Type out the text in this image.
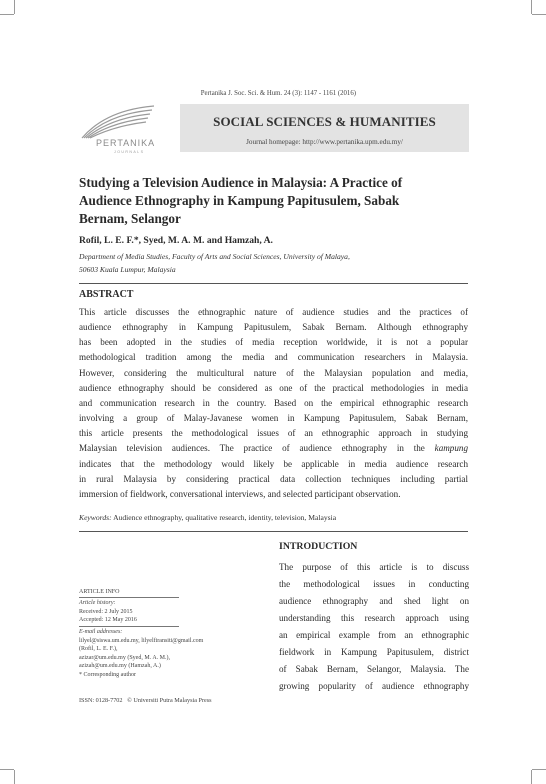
Pertanika J. Soc. Sci. & Hum. 24 (3): 1147 - 1161 (2016)
PERTANIKA
JOURNALS
SOCIAL SCIENCES & HUMANITIES
Journal homepage: http://www.pertanika.upm.edu.my/
Studying a Television Audience in Malaysia: A Practice of
Audience Ethnography in Kampung Papitusulem, Sabak
Bernam, Selangor
Rofil, L. E. F.*, Syed, M. A. M. and Hamzah, A.
Department of Media Studies, Faculty of Arts and Social Sciences, University of Malaya,
50603 Kuala Lumpur, Malaysia
ABSTRACT
This article discusses the ethnographic nature of audience studies and the practices of
audience ethnography in Kampung Papitusulem, Sabak Bernam. Although ethnography
has been adopted in the studies of media reception worldwide, it is not a popular
methodological tradition among the media and communication researchers in Malaysia.
However, considering the multicultural nature of the Malaysian population and media,
audience ethnography should be considered as one of the practical methodologies in media
and communication research in the country. Based on the empirical ethnographic research
involving a group of Malay-Javanese women in Kampung Papitusulem, Sabak Bernam,
this article presents the methodological issues of an ethnographic approach in studying
Malaysian television audiences. The practice of audience ethnography in the kampung
indicates that the methodology would likely be applicable in media audience research
in rural Malaysia by considering practical data collection techniques including partial
immersion of fieldwork, conversational interviews, and selected participant observation.
Keywords: Audience ethnography, qualitative research, identity, television, Malaysia
INTRODUCTION
The purpose of this article is to discuss
the methodological issues in conducting
audience ethnography and shed light on
understanding this research approach using
an empirical example from an ethnographic
fieldwork in Kampung Papitusulem, district
of Sabak Bernam, Selangor, Malaysia. The
growing popularity of audience ethnography
ARTICLE INFO
Article history:
Received: 2 July 2015
Accepted: 12 May 2016
E-mail addresses:
lilyel@siswa.um.edu.my, lilyelfiransiti@gmail.com
(Rofil, L. E. F.),
azizar@um.edu.my (Syed, M. A. M.),
azizah@um.edu.my (Hamzah, A.)
* Corresponding author
ISSN: 0128-7702 © Universiti Putra Malaysia Press
